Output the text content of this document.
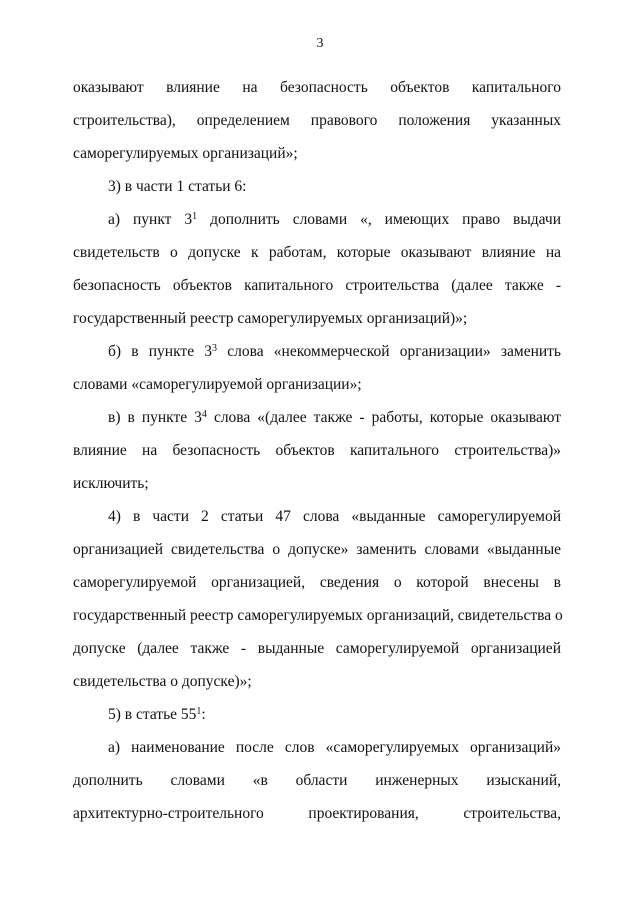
3
оказывают влияние на безопасность объектов капитального
строительства), определением правового положения указанных
саморегулируемых организаций»;
3) в части 1 статьи 6:
а) пункт $3^1$ дополнить словами «, имеющих право выдачи
свидетельств о допуске к работам, которые оказывают влияние на
безопасность объектов капитального строительства (далее также -
государственный реестр саморегулируемых организаций)»;
б) в пункте $3^3$ слова «некоммерческой организации» заменить
словами «саморегулируемой организации»;
в) в пункте $3^4$ слова «(далее также - работы, которые оказывают
влияние на безопасность объектов капитального строительства)»
исключить;
4) в части 2 статьи 47 слова «выданные саморегулируемой
организацией свидетельства о допуске» заменить словами «выданные
саморегулируемой организацией, сведения о которой внесены в
государственный реестр саморегулируемых организаций, свидетельства о
допуске (далее также - выданные саморегулируемой организацией
свидетельства о допуске)»;
5) в статье $55^1$:
а) наименование после слов «саморегулируемых организаций»
дополнить словами «в области инженерных изысканий,
архитектурно-строительного проектирования, строительства,
